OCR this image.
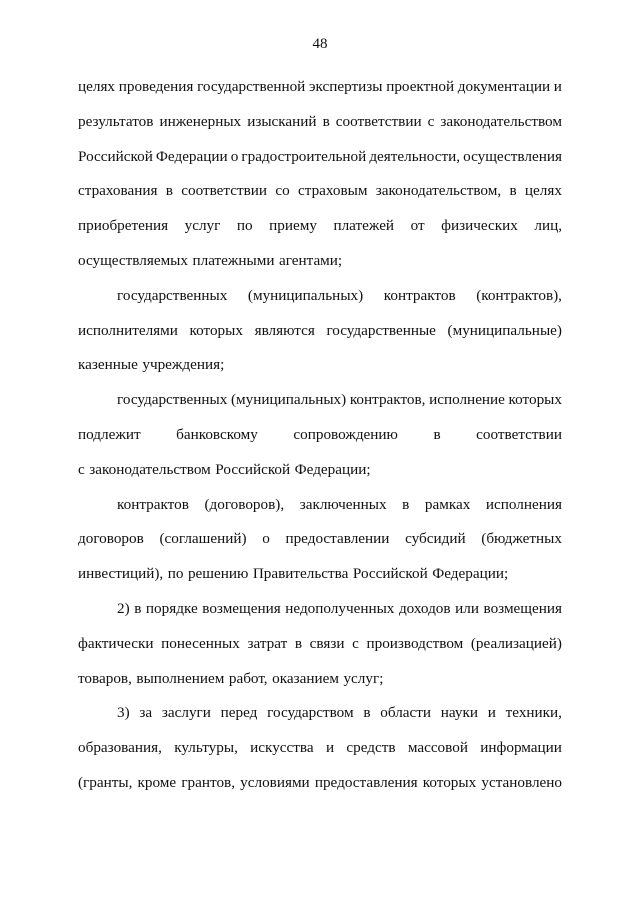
48
целях проведения государственной экспертизы проектной документации и
результатов инженерных изысканий в соответствии с законодательством
Российской Федерации о градостроительной деятельности, осуществления
страхования в соответствии со страховым законодательством, в целях
приобретения услуг по приему платежей от физических лиц,
осуществляемых платежными агентами;
государственных (муниципальных) контрактов (контрактов),
исполнителями которых являются государственные (муниципальные)
казенные учреждения;
государственных (муниципальных) контрактов, исполнение которых
подлежит банковскому сопровождению в соответствии
с законодательством Российской Федерации;
контрактов (договоров), заключенных в рамках исполнения
договоров (соглашений) о предоставлении субсидий (бюджетных
инвестиций), по решению Правительства Российской Федерации;
2) в порядке возмещения недополученных доходов или возмещения
фактически понесенных затрат в связи с производством (реализацией)
товаров, выполнением работ, оказанием услуг;
3) за заслуги перед государством в области науки и техники,
образования, культуры, искусства и средств массовой информации
(гранты, кроме грантов, условиями предоставления которых установлено
